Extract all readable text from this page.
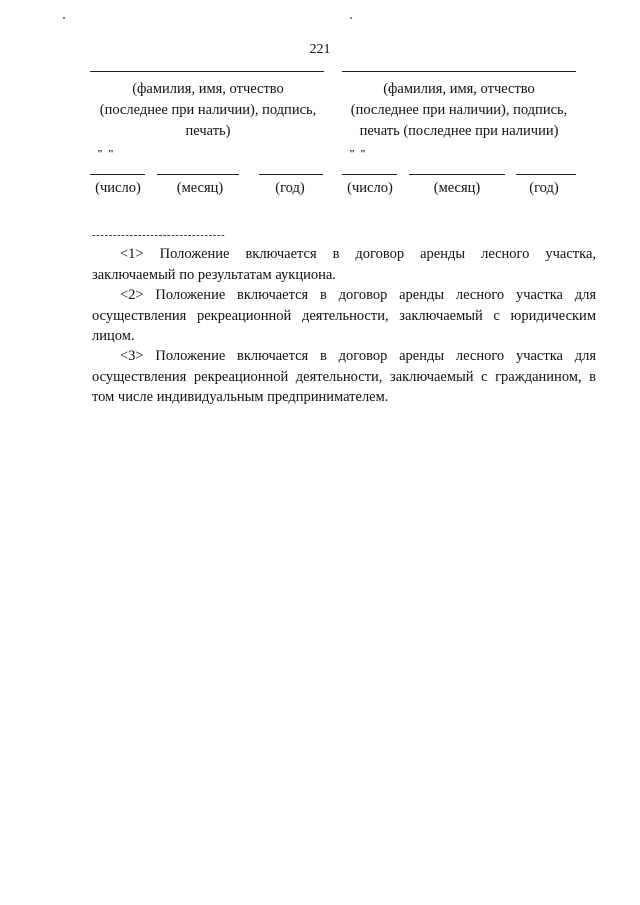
221
(фамилия, имя, отчество
(последнее при наличии), подпись,
печать)
" "
(число)	(месяц)	(год)
(фамилия, имя, отчество
(последнее при наличии), подпись,
печать (последнее при наличии)
" "
(число)	(месяц)	(год)
--------------------------------
<1> Положение включается в договор аренды лесного участка, заключаемый по результатам аукциона.
<2> Положение включается в договор аренды лесного участка для осуществления рекреационной деятельности, заключаемый с юридическим лицом.
<3> Положение включается в договор аренды лесного участка для осуществления рекреационной деятельности, заключаемый с гражданином, в том числе индивидуальным предпринимателем.
